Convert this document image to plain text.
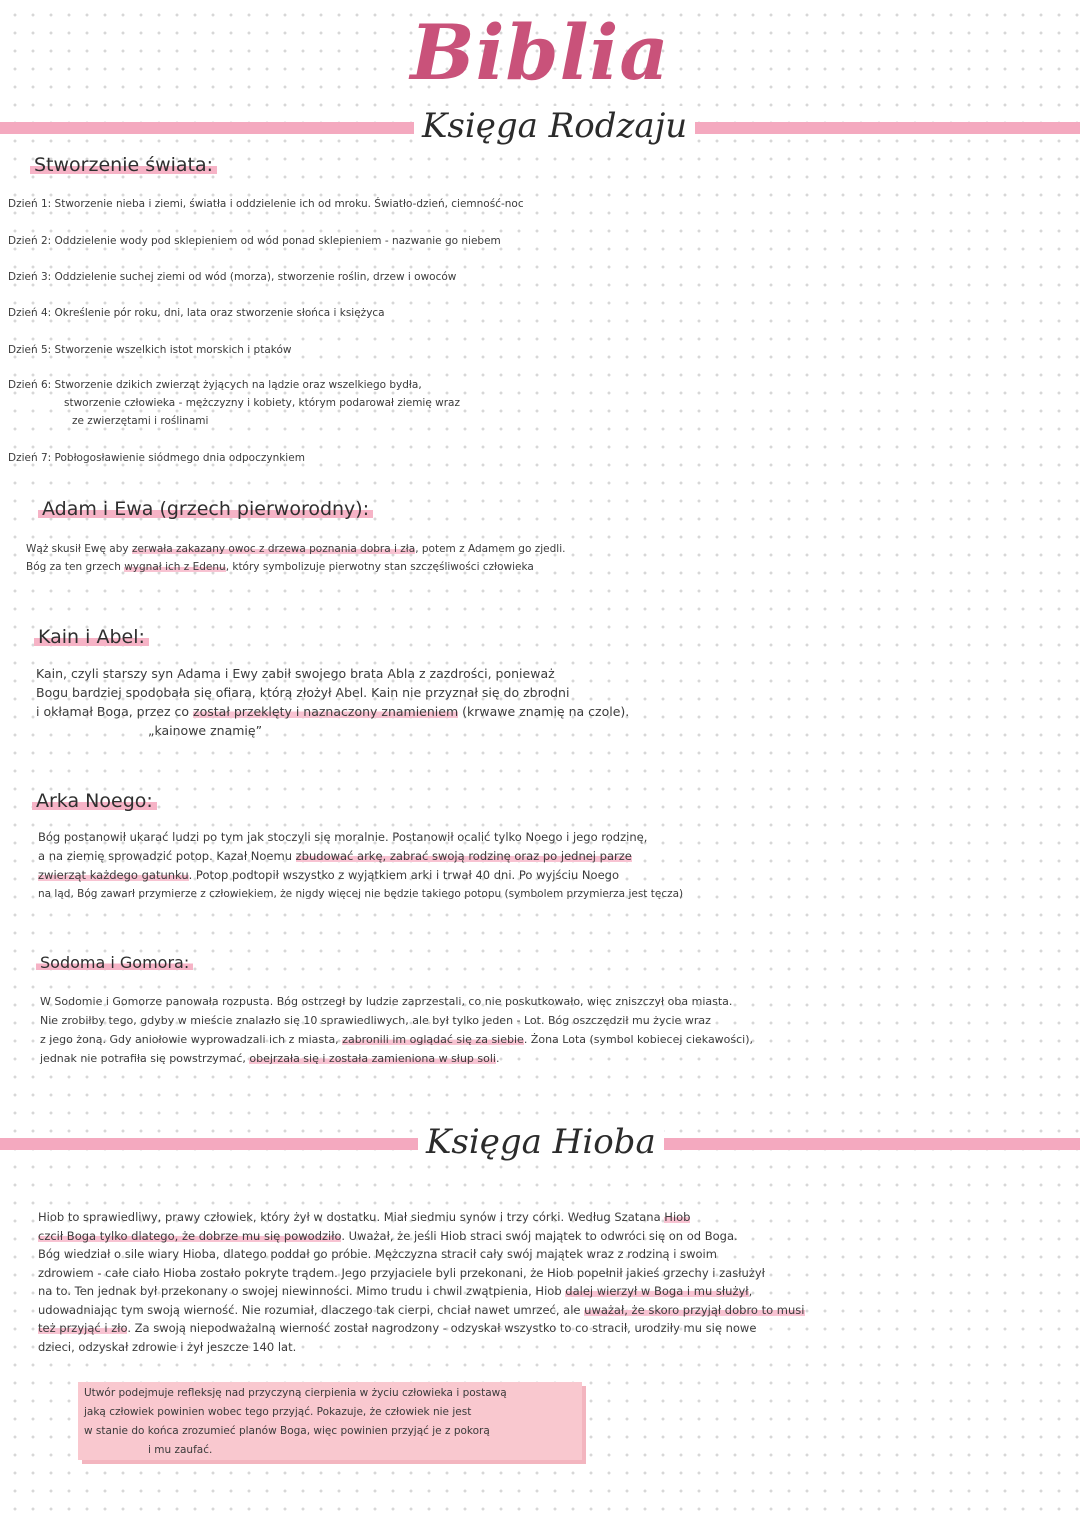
Biblia
Księga Rodzaju
Stworzenie świata:
Dzień 1: Stworzenie nieba i ziemi, światła i oddzielenie ich od mroku. Światło-dzień, ciemność-noc
Dzień 2: Oddzielenie wody pod sklepieniem od wód ponad sklepieniem - nazwanie go niebem
Dzień 3: Oddzielenie suchej ziemi od wód (morza), stworzenie roślin, drzew i owoców
Dzień 4: Określenie pór roku, dni, lata oraz stworzenie słońca i księżyca
Dzień 5: Stworzenie wszelkich istot morskich i ptaków
Dzień 6: Stworzenie dzikich zwierząt żyjących na lądzie oraz wszelkiego bydła,
stworzenie człowieka - mężczyzny i kobiety, którym podarował ziemię wraz
ze zwierzętami i roślinami
Dzień 7: Pobłogosławienie siódmego dnia odpoczynkiem
Adam i Ewa (grzech pierworodny):

Wąż skusił Ewę aby zerwała zakazany owoc z drzewa poznania dobra i zła, potem z Adamem go zjedli.

Bóg za ten grzech wygnał ich z Edenu, który symbolizuje pierwotny stan szczęśliwości człowieka

Kain i Abel:

Kain, czyli starszy syn Adama i Ewy zabił swojego brata Abla z zazdrości, ponieważ

Bogu bardziej spodobała się ofiara, którą złożył Abel. Kain nie przyznał się do zbrodni

i okłamał Boga, przez co został przeklęty i naznaczony znamieniem (krwawe znamię na czole).

„kainowe znamię”

Arka Noego:

Bóg postanowił ukarać ludzi po tym jak stoczyli się moralnie. Postanowił ocalić tylko Noego i jego rodzinę,

a na ziemię sprowadzić potop. Kazał Noemu zbudować arkę, zabrać swoją rodzinę oraz po jednej parze

zwierząt każdego gatunku. Potop podtopił wszystko z wyjątkiem arki i trwał 40 dni. Po wyjściu Noego

na ląd, Bóg zawarł przymierze z człowiekiem, że nigdy więcej nie będzie takiego potopu (symbolem przymierza jest tęcza)

Sodoma i Gomora:

W Sodomie i Gomorze panowała rozpusta. Bóg ostrzegł by ludzie zaprzestali, co nie poskutkowało, więc zniszczył oba miasta.

Nie zrobiłby tego, gdyby w mieście znalazło się 10 sprawiedliwych, ale był tylko jeden - Lot. Bóg oszczędził mu życie wraz

z jego żoną. Gdy aniołowie wyprowadzali ich z miasta, zabronili im oglądać się za siebie. Żona Lota (symbol kobiecej ciekawości),

jednak nie potrafiła się powstrzymać, obejrzała się i została zamieniona w słup soli.

Księga Hioba

Hiob to sprawiedliwy, prawy człowiek, który żył w dostatku. Miał siedmiu synów i trzy córki. Według Szatana Hiob

czcił Boga tylko dlatego, że dobrze mu się powodziło. Uważał, że jeśli Hiob straci swój majątek to odwróci się on od Boga.

Bóg wiedział o sile wiary Hioba, dlatego poddał go próbie. Mężczyzna stracił cały swój majątek wraz z rodziną i swoim

zdrowiem - całe ciało Hioba zostało pokryte trądem. Jego przyjaciele byli przekonani, że Hiob popełnił jakieś grzechy i zasłużył

na to. Ten jednak był przekonany o swojej niewinności. Mimo trudu i chwil zwątpienia, Hiob dalej wierzył w Boga i mu służył,

udowadniając tym swoją wierność. Nie rozumiał, dlaczego tak cierpi, chciał nawet umrzeć, ale uważał, że skoro przyjął dobro to musi

też przyjąć i zło. Za swoją niepodważalną wierność został nagrodzony - odzyskał wszystko to co stracił, urodziły mu się nowe

dzieci, odzyskał zdrowie i żył jeszcze 140 lat.

Utwór podejmuje refleksję nad przyczyną cierpienia w życiu człowieka i postawą

jaką człowiek powinien wobec tego przyjąć. Pokazuje, że człowiek nie jest

w stanie do końca zrozumieć planów Boga, więc powinien przyjąć je z pokorą

i mu zaufać.
